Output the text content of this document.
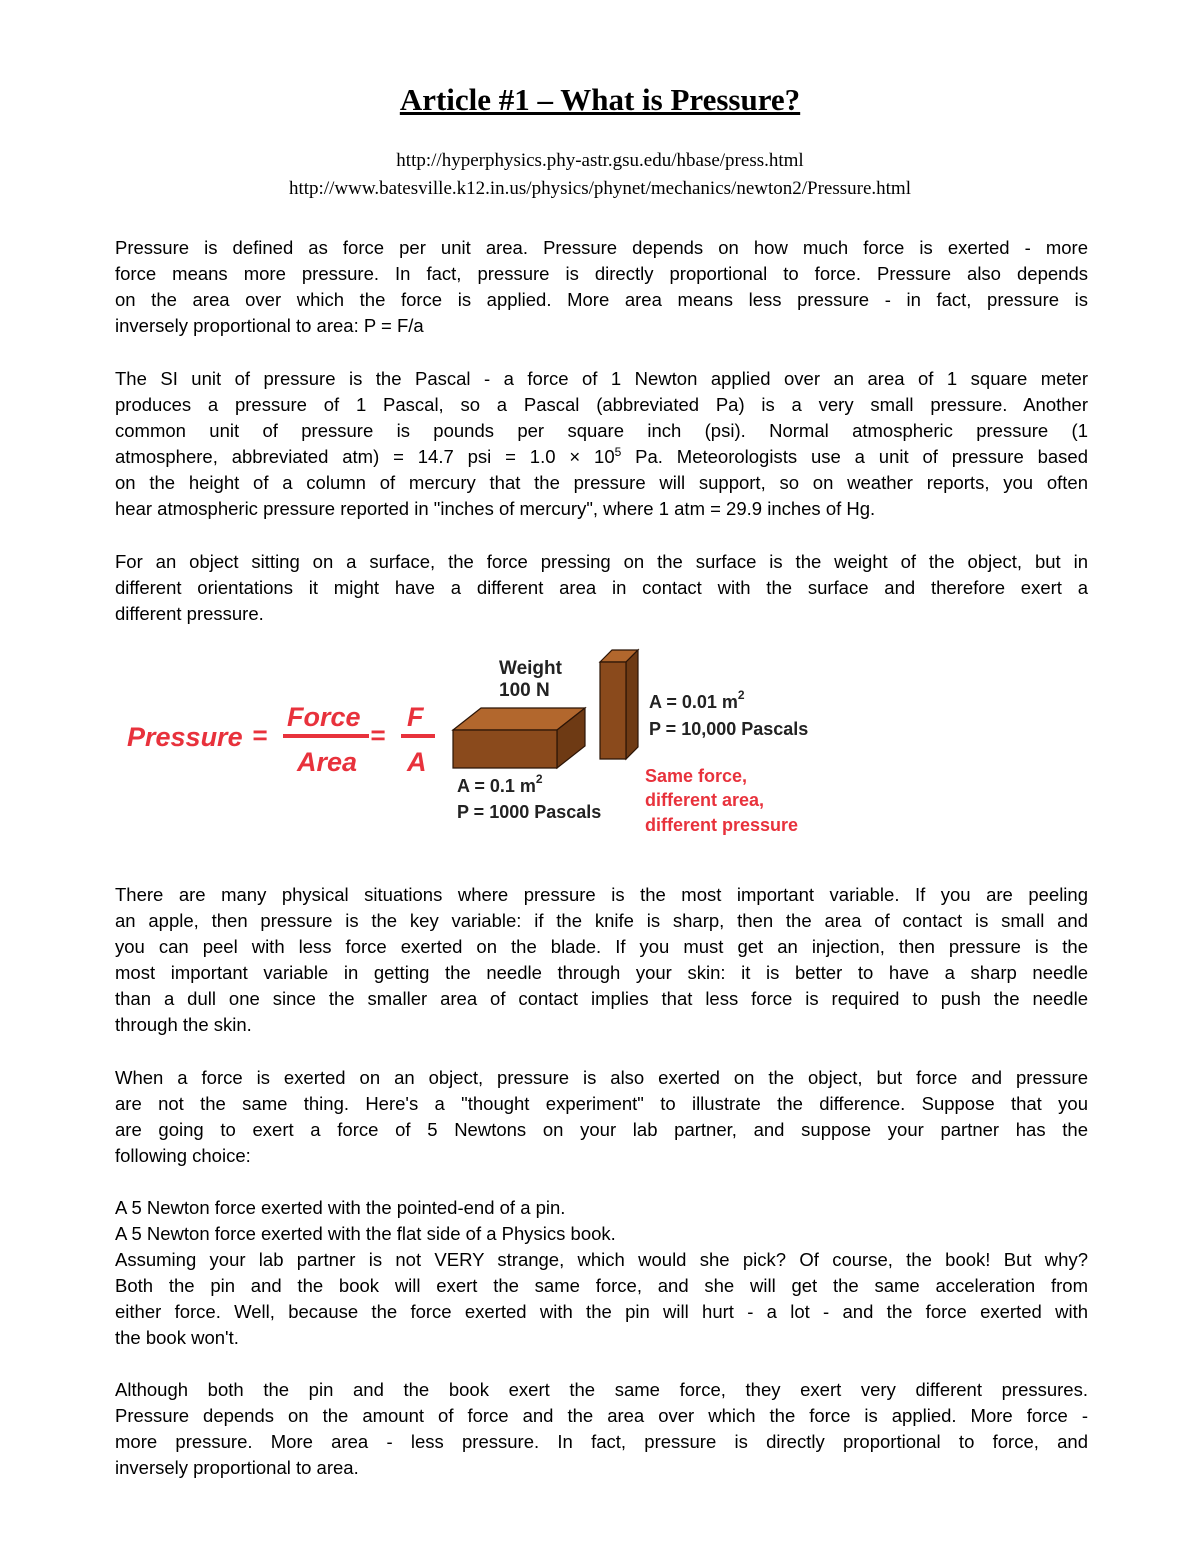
Article #1 – What is Pressure?
http://hyperphysics.phy-astr.gsu.edu/hbase/press.html
http://www.batesville.k12.in.us/physics/phynet/mechanics/newton2/Pressure.html
Pressure is defined as force per unit area. Pressure depends on how much force is exerted - more
force means more pressure. In fact, pressure is directly proportional to force. Pressure also depends
on the area over which the force is applied. More area means less pressure - in fact, pressure is
inversely proportional to area: P = F/a
The SI unit of pressure is the Pascal - a force of 1 Newton applied over an area of 1 square meter
produces a pressure of 1 Pascal, so a Pascal (abbreviated Pa) is a very small pressure. Another
common unit of pressure is pounds per square inch (psi). Normal atmospheric pressure (1
atmosphere, abbreviated atm) = 14.7 psi = $1.0 \times 10^5$ Pa. Meteorologists use a unit of pressure based
on the height of a column of mercury that the pressure will support, so on weather reports, you often
hear atmospheric pressure reported in "inches of mercury", where 1 atm = 29.9 inches of Hg.
For an object sitting on a surface, the force pressing on the surface is the weight of the object, but in
different orientations it might have a different area in contact with the surface and therefore exert a
different pressure.
Pressure =
Force
Area
=
F
A
Weight
100 N
A = 0.1 $m^2$
P = 1000 Pascals
A = 0.01 $m^2$
P = 10,000 Pascals
Same force,
different area,
different pressure
There are many physical situations where pressure is the most important variable. If you are peeling
an apple, then pressure is the key variable: if the knife is sharp, then the area of contact is small and
you can peel with less force exerted on the blade. If you must get an injection, then pressure is the
most important variable in getting the needle through your skin: it is better to have a sharp needle
than a dull one since the smaller area of contact implies that less force is required to push the needle
through the skin.
When a force is exerted on an object, pressure is also exerted on the object, but force and pressure
are not the same thing. Here's a "thought experiment" to illustrate the difference. Suppose that you
are going to exert a force of 5 Newtons on your lab partner, and suppose your partner has the
following choice:
A 5 Newton force exerted with the pointed-end of a pin.
A 5 Newton force exerted with the flat side of a Physics book.
Assuming your lab partner is not VERY strange, which would she pick? Of course, the book! But why?
Both the pin and the book will exert the same force, and she will get the same acceleration from
either force. Well, because the force exerted with the pin will hurt - a lot - and the force exerted with
the book won't.
Although both the pin and the book exert the same force, they exert very different pressures.
Pressure depends on the amount of force and the area over which the force is applied. More force -
more pressure. More area - less pressure. In fact, pressure is directly proportional to force, and
inversely proportional to area.
